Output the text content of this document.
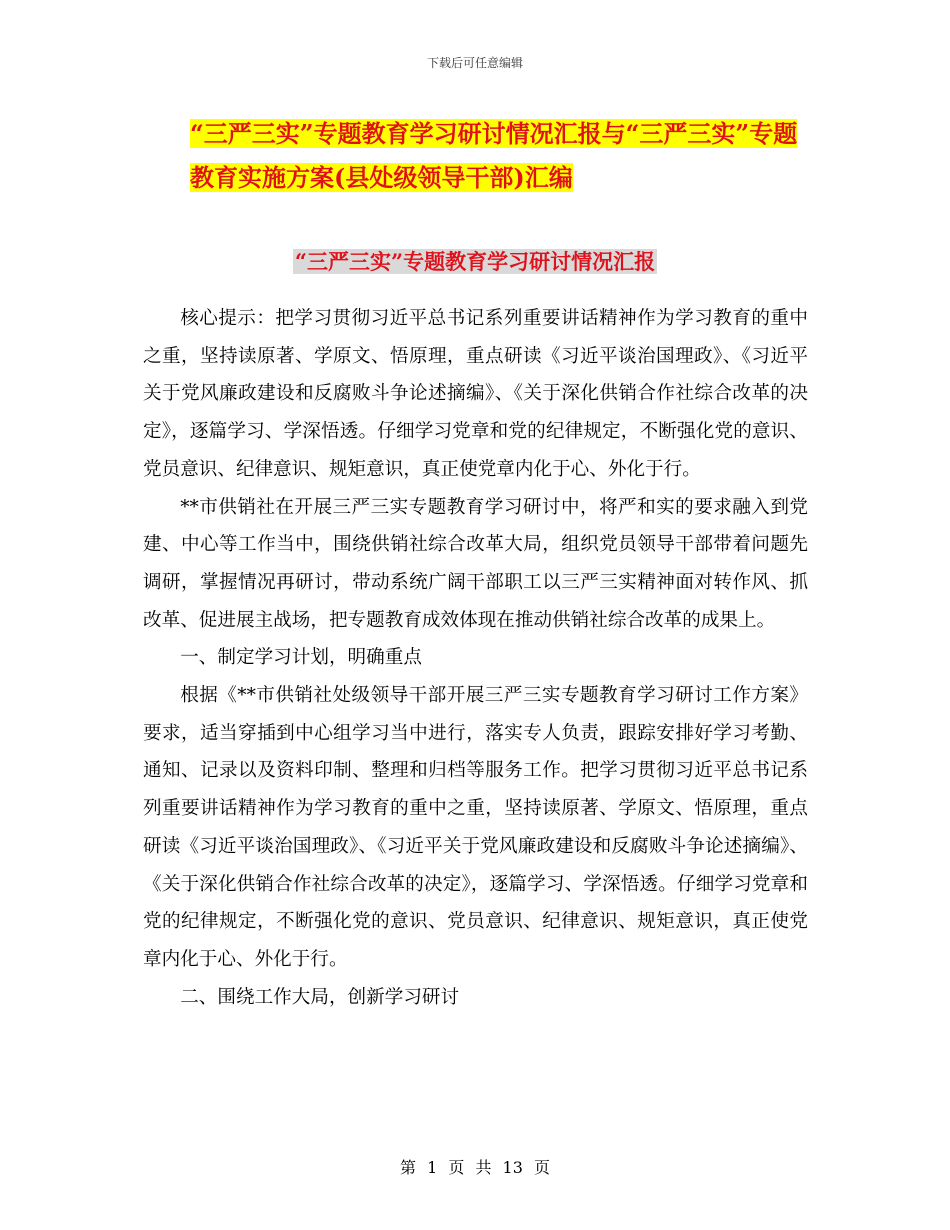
下载后可任意编辑
“三严三实”专题教育学习研讨情况汇报与“三严三实”专题教育实施方案(县处级领导干部)汇编
“三严三实”专题教育学习研讨情况汇报

核心提示：把学习贯彻习近平总书记系列重要讲话精神作为学习教育的重中之重，坚持读原著、学原文、悟原理，重点研读《习近平谈治国理政》、《习近平关于党风廉政建设和反腐败斗争论述摘编》、《关于深化供销合作社综合改革的决定》，逐篇学习、学深悟透。仔细学习党章和党的纪律规定，不断强化党的意识、党员意识、纪律意识、规矩意识，真正使党章内化于心、外化于行。

**市供销社在开展三严三实专题教育学习研讨中，将严和实的要求融入到党建、中心等工作当中，围绕供销社综合改革大局，组织党员领导干部带着问题先调研，掌握情况再研讨，带动系统广阔干部职工以三严三实精神面对转作风、抓改革、促进展主战场，把专题教育成效体现在推动供销社综合改革的成果上。

一、制定学习计划，明确重点

根据《**市供销社处级领导干部开展三严三实专题教育学习研讨工作方案》要求，适当穿插到中心组学习当中进行，落实专人负责，跟踪安排好学习考勤、通知、记录以及资料印制、整理和归档等服务工作。把学习贯彻习近平总书记系列重要讲话精神作为学习教育的重中之重，坚持读原著、学原文、悟原理，重点研读《习近平谈治国理政》、《习近平关于党风廉政建设和反腐败斗争论述摘编》、《关于深化供销合作社综合改革的决定》，逐篇学习、学深悟透。仔细学习党章和党的纪律规定，不断强化党的意识、党员意识、纪律意识、规矩意识，真正使党章内化于心、外化于行。

二、围绕工作大局，创新学习研讨

第 1 页 共 13 页
